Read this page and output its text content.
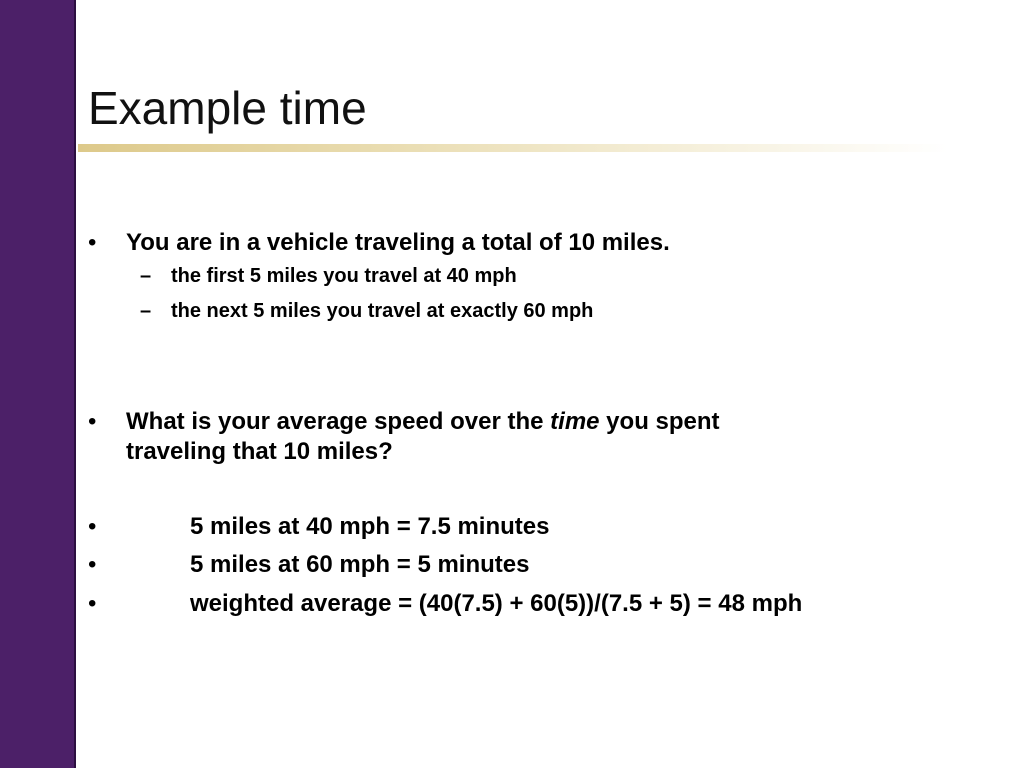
Example time
• You are in a vehicle traveling a total of 10 miles.
– the first 5 miles you travel at 40 mph
– the next 5 miles you travel at exactly 60 mph
• What is your average speed over the time you spent
traveling that 10 miles?
•	5 miles at 40 mph = 7.5 minutes
•	5 miles at 60 mph = 5 minutes
•	weighted average = (40(7.5) + 60(5))/(7.5 + 5) = 48 mph
